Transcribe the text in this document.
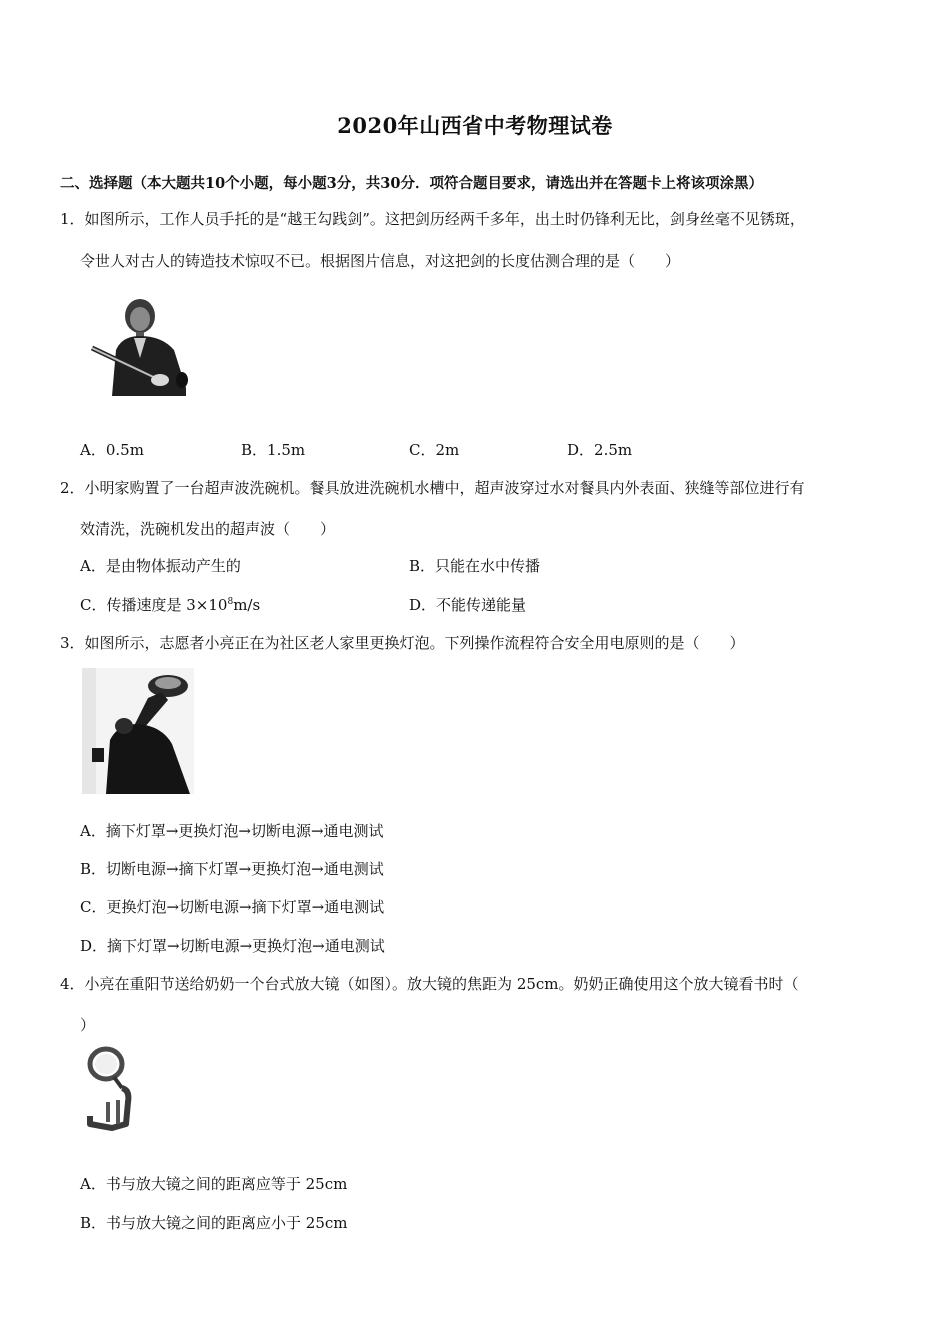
2020年山西省中考物理试卷
二、选择题（本大题共10个小题，每小题3分，共30分．项符合题目要求，请选出并在答题卡上将该项涂黑）
1．如图所示，工作人员手托的是“越王勾践剑”。这把剑历经两千多年，出土时仍锋利无比，剑身丝毫不见锈斑，
令世人对古人的铸造技术惊叹不已。根据图片信息，对这把剑的长度估测合理的是（　　）
A．0.5m	B．1.5m	C．2m	D．2.5m
2．小明家购置了一台超声波洗碗机。餐具放进洗碗机水槽中，超声波穿过水对餐具内外表面、狭缝等部位进行有
效清洗，洗碗机发出的超声波（　　）
A．是由物体振动产生的	B．只能在水中传播
C．传播速度是 $3\times 10^8m/s$	D．不能传递能量
3．如图所示，志愿者小亮正在为社区老人家里更换灯泡。下列操作流程符合安全用电原则的是（　　）
A．摘下灯罩→更换灯泡→切断电源→通电测试
B．切断电源→摘下灯罩→更换灯泡→通电测试
C．更换灯泡→切断电源→摘下灯罩→通电测试
D．摘下灯罩→切断电源→更换灯泡→通电测试
4．小亮在重阳节送给奶奶一个台式放大镜（如图）。放大镜的焦距为 25cm。奶奶正确使用这个放大镜看书时（
）
A．书与放大镜之间的距离应等于 25cm
B．书与放大镜之间的距离应小于 25cm
